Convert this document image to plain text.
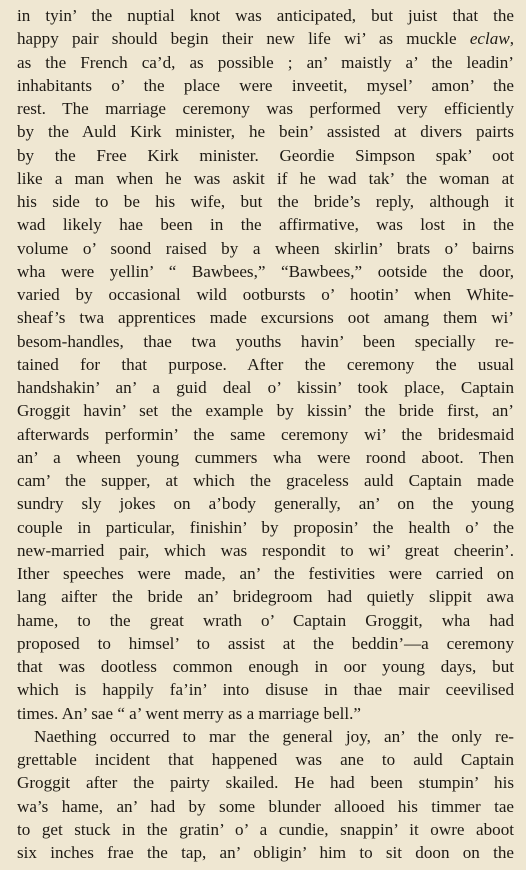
in tyin’ the nuptial knot was anticipated, but juist that the
happy pair should begin their new life wi’ as muckle eclaw,
as the French ca’d, as possible ; an’ maistly a’ the leadin’
inhabitants o’ the place were inveetit, mysel’ amon’ the
rest. The marriage ceremony was performed very efficiently
by the Auld Kirk minister, he bein’ assisted at divers pairts
by the Free Kirk minister. Geordie Simpson spak’ oot
like a man when he was askit if he wad tak’ the woman at
his side to be his wife, but the bride’s reply, although it
wad likely hae been in the affirmative, was lost in the
volume o’ soond raised by a wheen skirlin’ brats o’ bairns
wha were yellin’ “ Bawbees,” “Bawbees,” ootside the door,
varied by occasional wild ootbursts o’ hootin’ when White-
sheaf’s twa apprentices made excursions oot amang them wi’
besom-handles, thae twa youths havin’ been specially re-
tained for that purpose. After the ceremony the usual
handshakin’ an’ a guid deal o’ kissin’ took place, Captain
Groggit havin’ set the example by kissin’ the bride first, an’
afterwards performin’ the same ceremony wi’ the bridesmaid
an’ a wheen young cummers wha were roond aboot. Then
cam’ the supper, at which the graceless auld Captain made
sundry sly jokes on a’body generally, an’ on the young
couple in particular, finishin’ by proposin’ the health o’ the
new-married pair, which was respondit to wi’ great cheerin’.
Ither speeches were made, an’ the festivities were carried on
lang aifter the bride an’ bridegroom had quietly slippit awa
hame, to the great wrath o’ Captain Groggit, wha had
proposed to himsel’ to assist at the beddin’—a ceremony
that was dootless common enough in oor young days, but
which is happily fa’in’ into disuse in thae mair ceevilised
times. An’ sae “ a’ went merry as a marriage bell.”
Naething occurred to mar the general joy, an’ the only re-
grettable incident that happened was ane to auld Captain
Groggit after the pairty skailed. He had been stumpin’ his
wa’s hame, an’ had by some blunder allooed his timmer tae
to get stuck in the gratin’ o’ a cundie, snappin’ it owre aboot
six inches frae the tap, an’ obligin’ him to sit doon on the
